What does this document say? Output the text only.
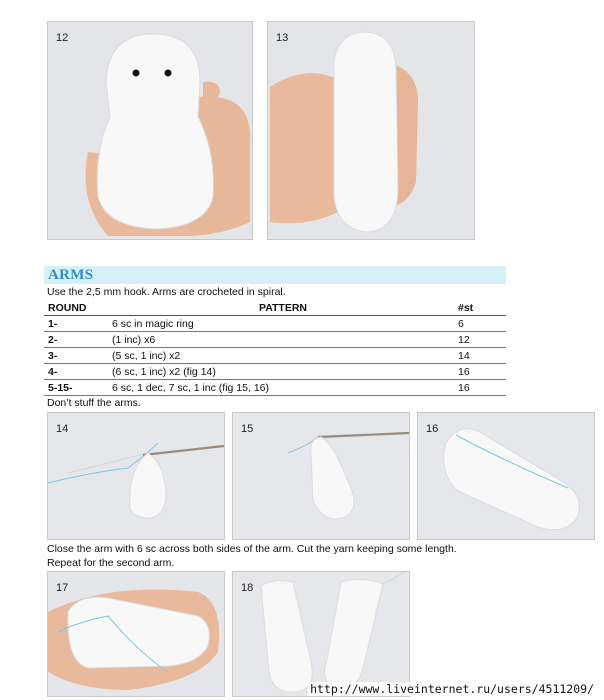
12	13
ARMS
Use the 2,5 mm hook. Arms are crocheted in spiral.
ROUND	PATTERN	#st
1-	6 sc in magic ring	6
2-	(1 inc) x6	12
3-	(5 sc, 1 inc) x2	14
4-	(6 sc, 1 inc) x2 (fig 14)	16
5-15-	6 sc, 1 dec, 7 sc, 1 inc (fig 15, 16)	16
Don’t stuff the arms.
14	15	16
Close the arm with 6 sc across both sides of the arm. Cut the yarn keeping some length.
Repeat for the second arm.
17	18
http://www.liveinternet.ru/users/4511209/
